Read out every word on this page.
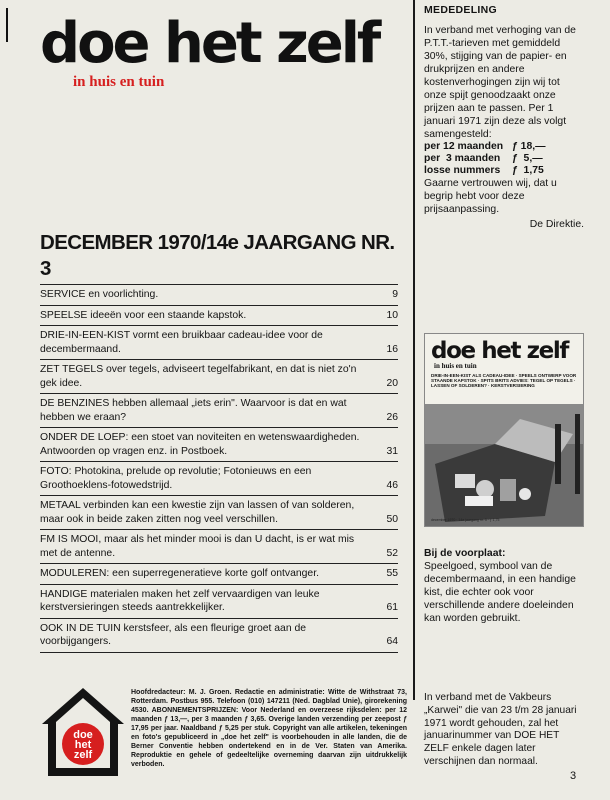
doe het zelf
in huis en tuin
DECEMBER 1970/14e JAARGANG NR. 3
SERVICE en voorlichting.	9
SPEELSE ideeën voor een staande kapstok.	10
DRIE-IN-EEN-KIST vormt een bruikbaar cadeau-idee voor de decembermaand.	16
ZET TEGELS over tegels, adviseert tegelfabrikant, en dat is niet zo'n gek idee.	20
DE BENZINES hebben allemaal „iets erin". Waarvoor is dat en wat hebben we eraan?	26
ONDER DE LOEP: een stoet van noviteiten en wetenswaardigheden. Antwoorden op vragen enz. in Postboek.	31
FOTO: Photokina, prelude op revolutie; Fotonieuws en een Groothoeklens-fotowedstrijd.	46
METAAL verbinden kan een kwestie zijn van lassen of van solderen, maar ook in beide zaken zitten nog veel verschillen.	50
FM IS MOOI, maar als het minder mooi is dan U dacht, is er wat mis met de antenne.	52
MODULEREN: een superregeneratieve korte golf ontvanger.	55
HANDIGE materialen maken het zelf vervaardigen van leuke kerstversieringen steeds aantrekkelijker.	61
OOK IN DE TUIN kerstsfeer, als een fleurige groet aan de voorbijgangers.	64
MEDEDELING
In verband met verhoging van de P.T.T.-tarieven met gemiddeld 30%, stijging van de papier- en drukprijzen en andere kostenverhogingen zijn wij tot onze spijt genoodzaakt onze prijzen aan te passen. Per 1 januari 1971 zijn deze als volgt samengesteld:
per 12 maanden	ƒ 18,—
per  3 maanden	ƒ  5,—
losse nummers	ƒ  1,75
Gaarne vertrouwen wij, dat u begrip hebt voor deze prijsaanpassing.
De Direktie.
doe het zelf
in huis en tuin
DRIE-IN-EEN-KIST ALS CADEAU-IDEE · SPEELS ONTWERP VOOR STAANDE KAPSTOK · SPITS BRITS ADVIES: TEGEL OP TEGELS · LASSEN OF SOLDEREN? · KERSTVERSIERING
december 1970 · 14e jaargang nr. 3 · ƒ 1,75
Bij de voorplaat:
Speelgoed, symbool van de decembermaand, in een handige kist, die echter ook voor verschillende andere doeleinden kan worden gebruikt.
doe
het
zelf
Hoofdredacteur: M. J. Groen. Redactie en administratie: Witte de Withstraat 73, Rotterdam. Postbus 955. Telefoon (010) 147211 (Ned. Dagblad Unie), girorekening 4530. ABONNEMENTSPRIJZEN: Voor Nederland en overzeese rijksdelen: per 12 maanden ƒ 13,—, per 3 maanden ƒ 3,65. Overige landen verzending per zeepost ƒ 17,95 per jaar. Naaldband ƒ 5,25 per stuk. Copyright van alle artikelen, tekeningen en foto's gepubliceerd in „doe het zelf" is voorbehouden in alle landen, die de Berner Conventie hebben ondertekend en in de Ver. Staten van Amerika. Reproduktie en gehele of gedeeltelijke overneming daarvan zijn uitdrukkelijk verboden.
In verband met de Vakbeurs „Karwei" die van 23 t/m 28 januari 1971 wordt gehouden, zal het januarinummer van DOE HET ZELF enkele dagen later verschijnen dan normaal.
3
